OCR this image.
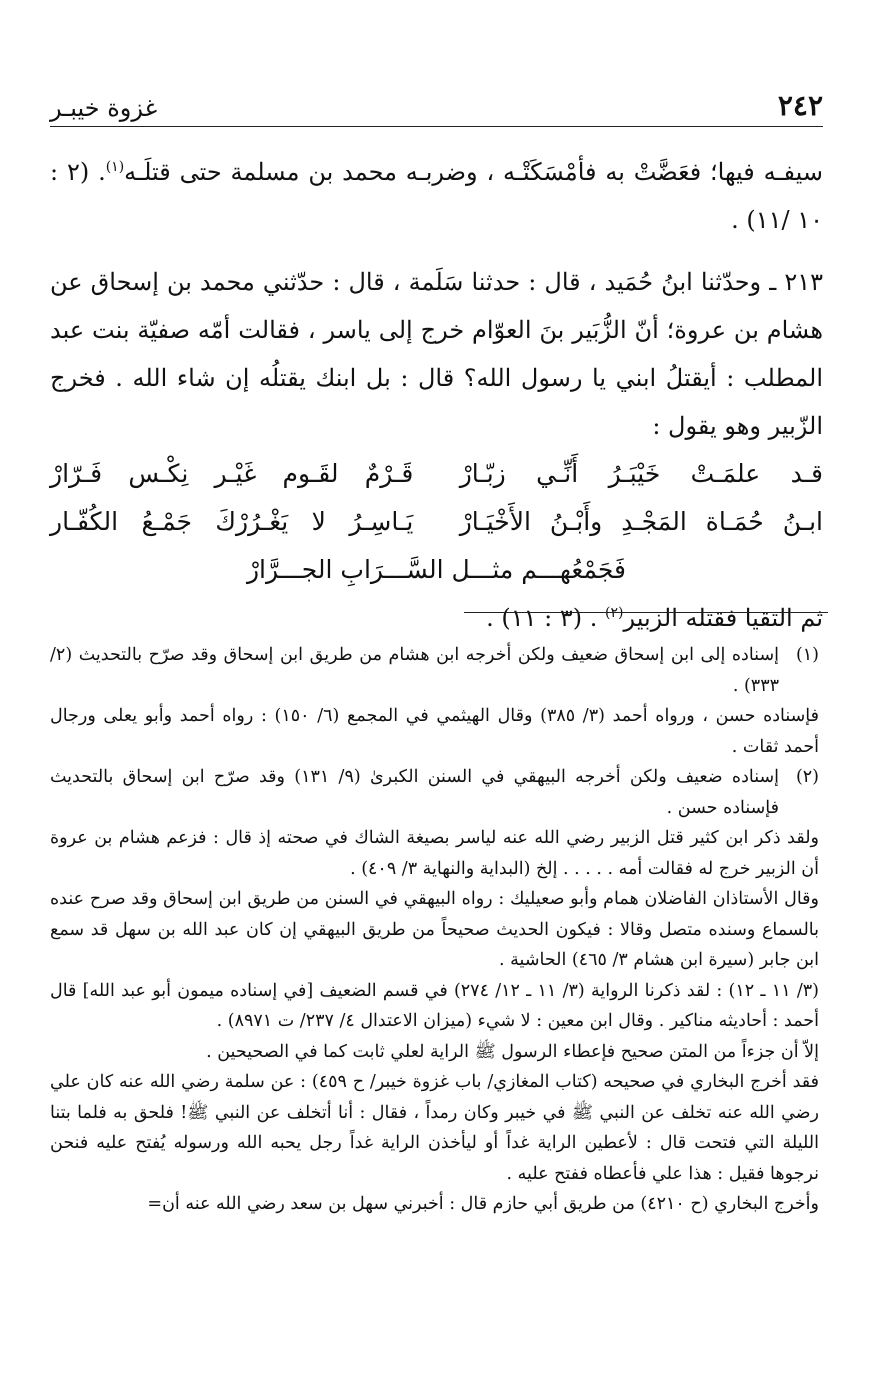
٢٤٢
غزوة خيبـر

سيفـه فيها؛ فعَضَّتْ به فأمْسَكَتْـه ، وضربـه محمد بن مسلمة حتى قتلَـه$^{(١)}$. (٢ : ١٠ /١١) .

٢١٣ ـ وحدّثنا ابنُ حُمَيد ، قال : حدثنا سَلَمة ، قال : حدّثني محمد بن إسحاق عن هشام بن عروة؛ أنّ الزُّبَير بنَ العوّام خرج إلى ياسر ، فقالت أمّه صفيّة بنت عبد المطلب : أيقتلُ ابني يا رسول الله؟ قال : بل ابنك يقتلُه إن شاء الله . فخرج الزّبير وهو يقول :

قـد علمَـتْ خَيْبَـرُ أَنِّـي زبّـارْ
قَـرْمٌ لقَـوم غَيْـر نِكْـس فَـرّارْ
ابـنُ حُمَـاة المَجْـدِ وأَبْـنُ الأَخْيَـارْ
يَـاسِـرُ لا يَغْـرُرْكَ جَمْـعُ الكُفّـار
فَجَمْعُهـــم مثـــل السَّـــرَابِ الجـــرَّارْ

ثم التقيا فقتله الزبير$^{(٢)}$ . (٣ : ١١) .

(١)

إسناده إلى ابن إسحاق ضعيف ولكن أخرجه ابن هشام من طريق ابن إسحاق وقد صرّح بالتحديث (٢/ ٣٣٣) .

فإسناده حسن ، ورواه أحمد (٣/ ٣٨٥) وقال الهيثمي في المجمع (٦/ ١٥٠) : رواه أحمد وأبو يعلى ورجال أحمد ثقات .

(٢)

إسناده ضعيف ولكن أخرجه البيهقي في السنن الكبرىٰ (٩/ ١٣١) وقد صرّح ابن إسحاق بالتحديث فإسناده حسن .

ولقد ذكر ابن كثير قتل الزبير رضي الله عنه لياسر بصيغة الشاك في صحته إذ قال : فزعم هشام بن عروة أن الزبير خرج له فقالت أمه . . . . . إلخ (البداية والنهاية ٣/ ٤٠٩) .

وقال الأستاذان الفاضلان همام وأبو صعيليك : رواه البيهقي في السنن من طريق ابن إسحاق وقد صرح عنده بالسماع وسنده متصل وقالا : فيكون الحديث صحيحاً من طريق البيهقي إن كان عبد الله بن سهل قد سمع ابن جابر (سيرة ابن هشام ٣/ ٤٦٥) الحاشية .

(٣/ ١١ ـ ١٢) : لقد ذكرنا الرواية (٣/ ١١ ـ ١٢/ ٢٧٤) في قسم الضعيف [في إسناده ميمون أبو عبد الله] قال أحمد : أحاديثه مناكير . وقال ابن معين : لا شيء (ميزان الاعتدال ٤/ ٢٣٧/ ت ٨٩٧١) .

إلاّ أن جزءاً من المتن صحيح فإعطاء الرسول ﷺ الراية لعلي ثابت كما في الصحيحين .

فقد أخرج البخاري في صحيحه (كتاب المغازي/ باب غزوة خيبر/ ح ٤٥٩) : عن سلمة رضي الله عنه كان علي رضي الله عنه تخلف عن النبي ﷺ في خيبر وكان رمداً ، فقال : أنا أتخلف عن النبي ﷺ! فلحق به فلما بتنا الليلة التي فتحت قال : لأعطين الراية غداً أو ليأخذن الراية غداً رجل يحبه الله ورسوله يُفتح عليه فنحن نرجوها فقيل : هذا علي فأعطاه ففتح عليه .

وأخرج البخاري (ح ٤٢١٠) من طريق أبي حازم قال : أخبرني سهل بن سعد رضي الله عنه أن=
